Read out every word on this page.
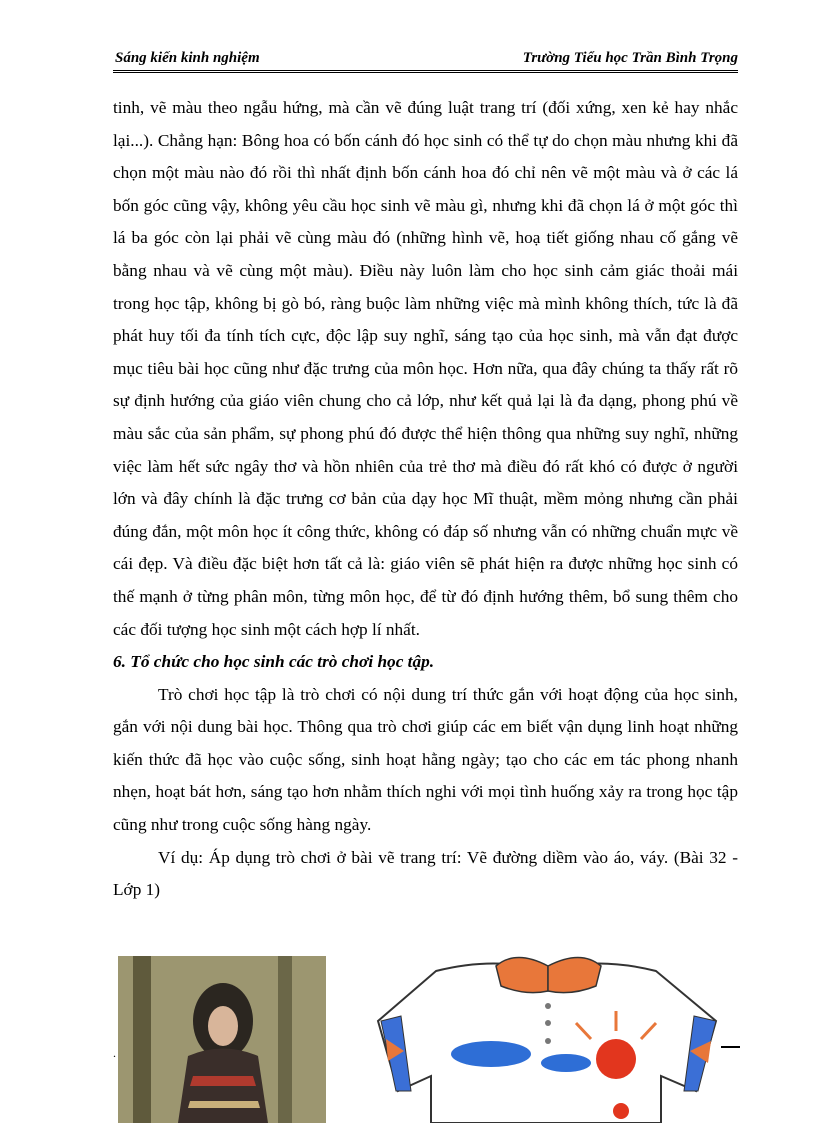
Sáng kiến kinh nghiệm	Trường Tiểu học Trần Bình Trọng

tinh, vẽ màu theo ngẫu hứng, mà cần vẽ đúng luật trang trí (đối xứng, xen kẻ hay nhắc lại...). Chẳng hạn: Bông hoa có bốn cánh đó học sinh có thể tự do chọn màu nhưng khi đã chọn một màu nào đó rồi thì nhất định bốn cánh hoa đó chỉ nên vẽ một màu và ở các lá bốn góc cũng vậy, không yêu cầu học sinh vẽ màu gì, nhưng khi đã chọn lá ở một góc thì lá ba góc còn lại phải vẽ cùng màu đó (những hình vẽ, hoạ tiết giống nhau cố gắng vẽ bằng nhau và vẽ cùng một màu). Điều này luôn làm cho học sinh cảm giác thoải mái trong học tập, không bị gò bó, ràng buộc làm những việc mà mình không thích, tức là đã phát huy tối đa tính tích cực, độc lập suy nghĩ, sáng tạo của học sinh, mà vẫn đạt được mục tiêu bài học cũng như đặc trưng của môn học. Hơn nữa, qua đây chúng ta thấy rất rõ sự định hướng của giáo viên chung cho cả lớp, như kết quả lại là đa dạng, phong phú về màu sắc của sản phẩm, sự phong phú đó được thể hiện thông qua những suy nghĩ, những việc làm hết sức ngây thơ và hồn nhiên của trẻ thơ mà điều đó rất khó có được ở người lớn và đây chính là đặc trưng cơ bản của dạy học Mĩ thuật, mềm mỏng nhưng cần phải đúng đắn, một môn học ít công thức, không có đáp số nhưng vẫn có những chuẩn mực về cái đẹp. Và điều đặc biệt hơn tất cả là: giáo viên sẽ phát hiện ra được những học sinh có thế mạnh ở từng phân môn, từng môn học, để từ đó định hướng thêm, bổ sung thêm cho các đối tượng học sinh một cách hợp lí nhất.

6. Tổ chức cho học sinh các trò chơi học tập.

Trò chơi học tập là trò chơi có nội dung trí thức gắn với hoạt động của học sinh, gắn với nội dung bài học. Thông qua trò chơi giúp các em biết vận dụng linh hoạt những kiến thức đã học vào cuộc sống, sinh hoạt hằng ngày; tạo cho các em tác phong nhanh nhẹn, hoạt bát hơn, sáng tạo hơn nhằm thích nghi với mọi tình huống xảy ra trong học tập cũng như trong cuộc sống hàng ngày.

Ví dụ: Áp dụng trò chơi ở bài vẽ trang trí: Vẽ đường diềm vào áo, váy. (Bài 32 - Lớp 1)

.
